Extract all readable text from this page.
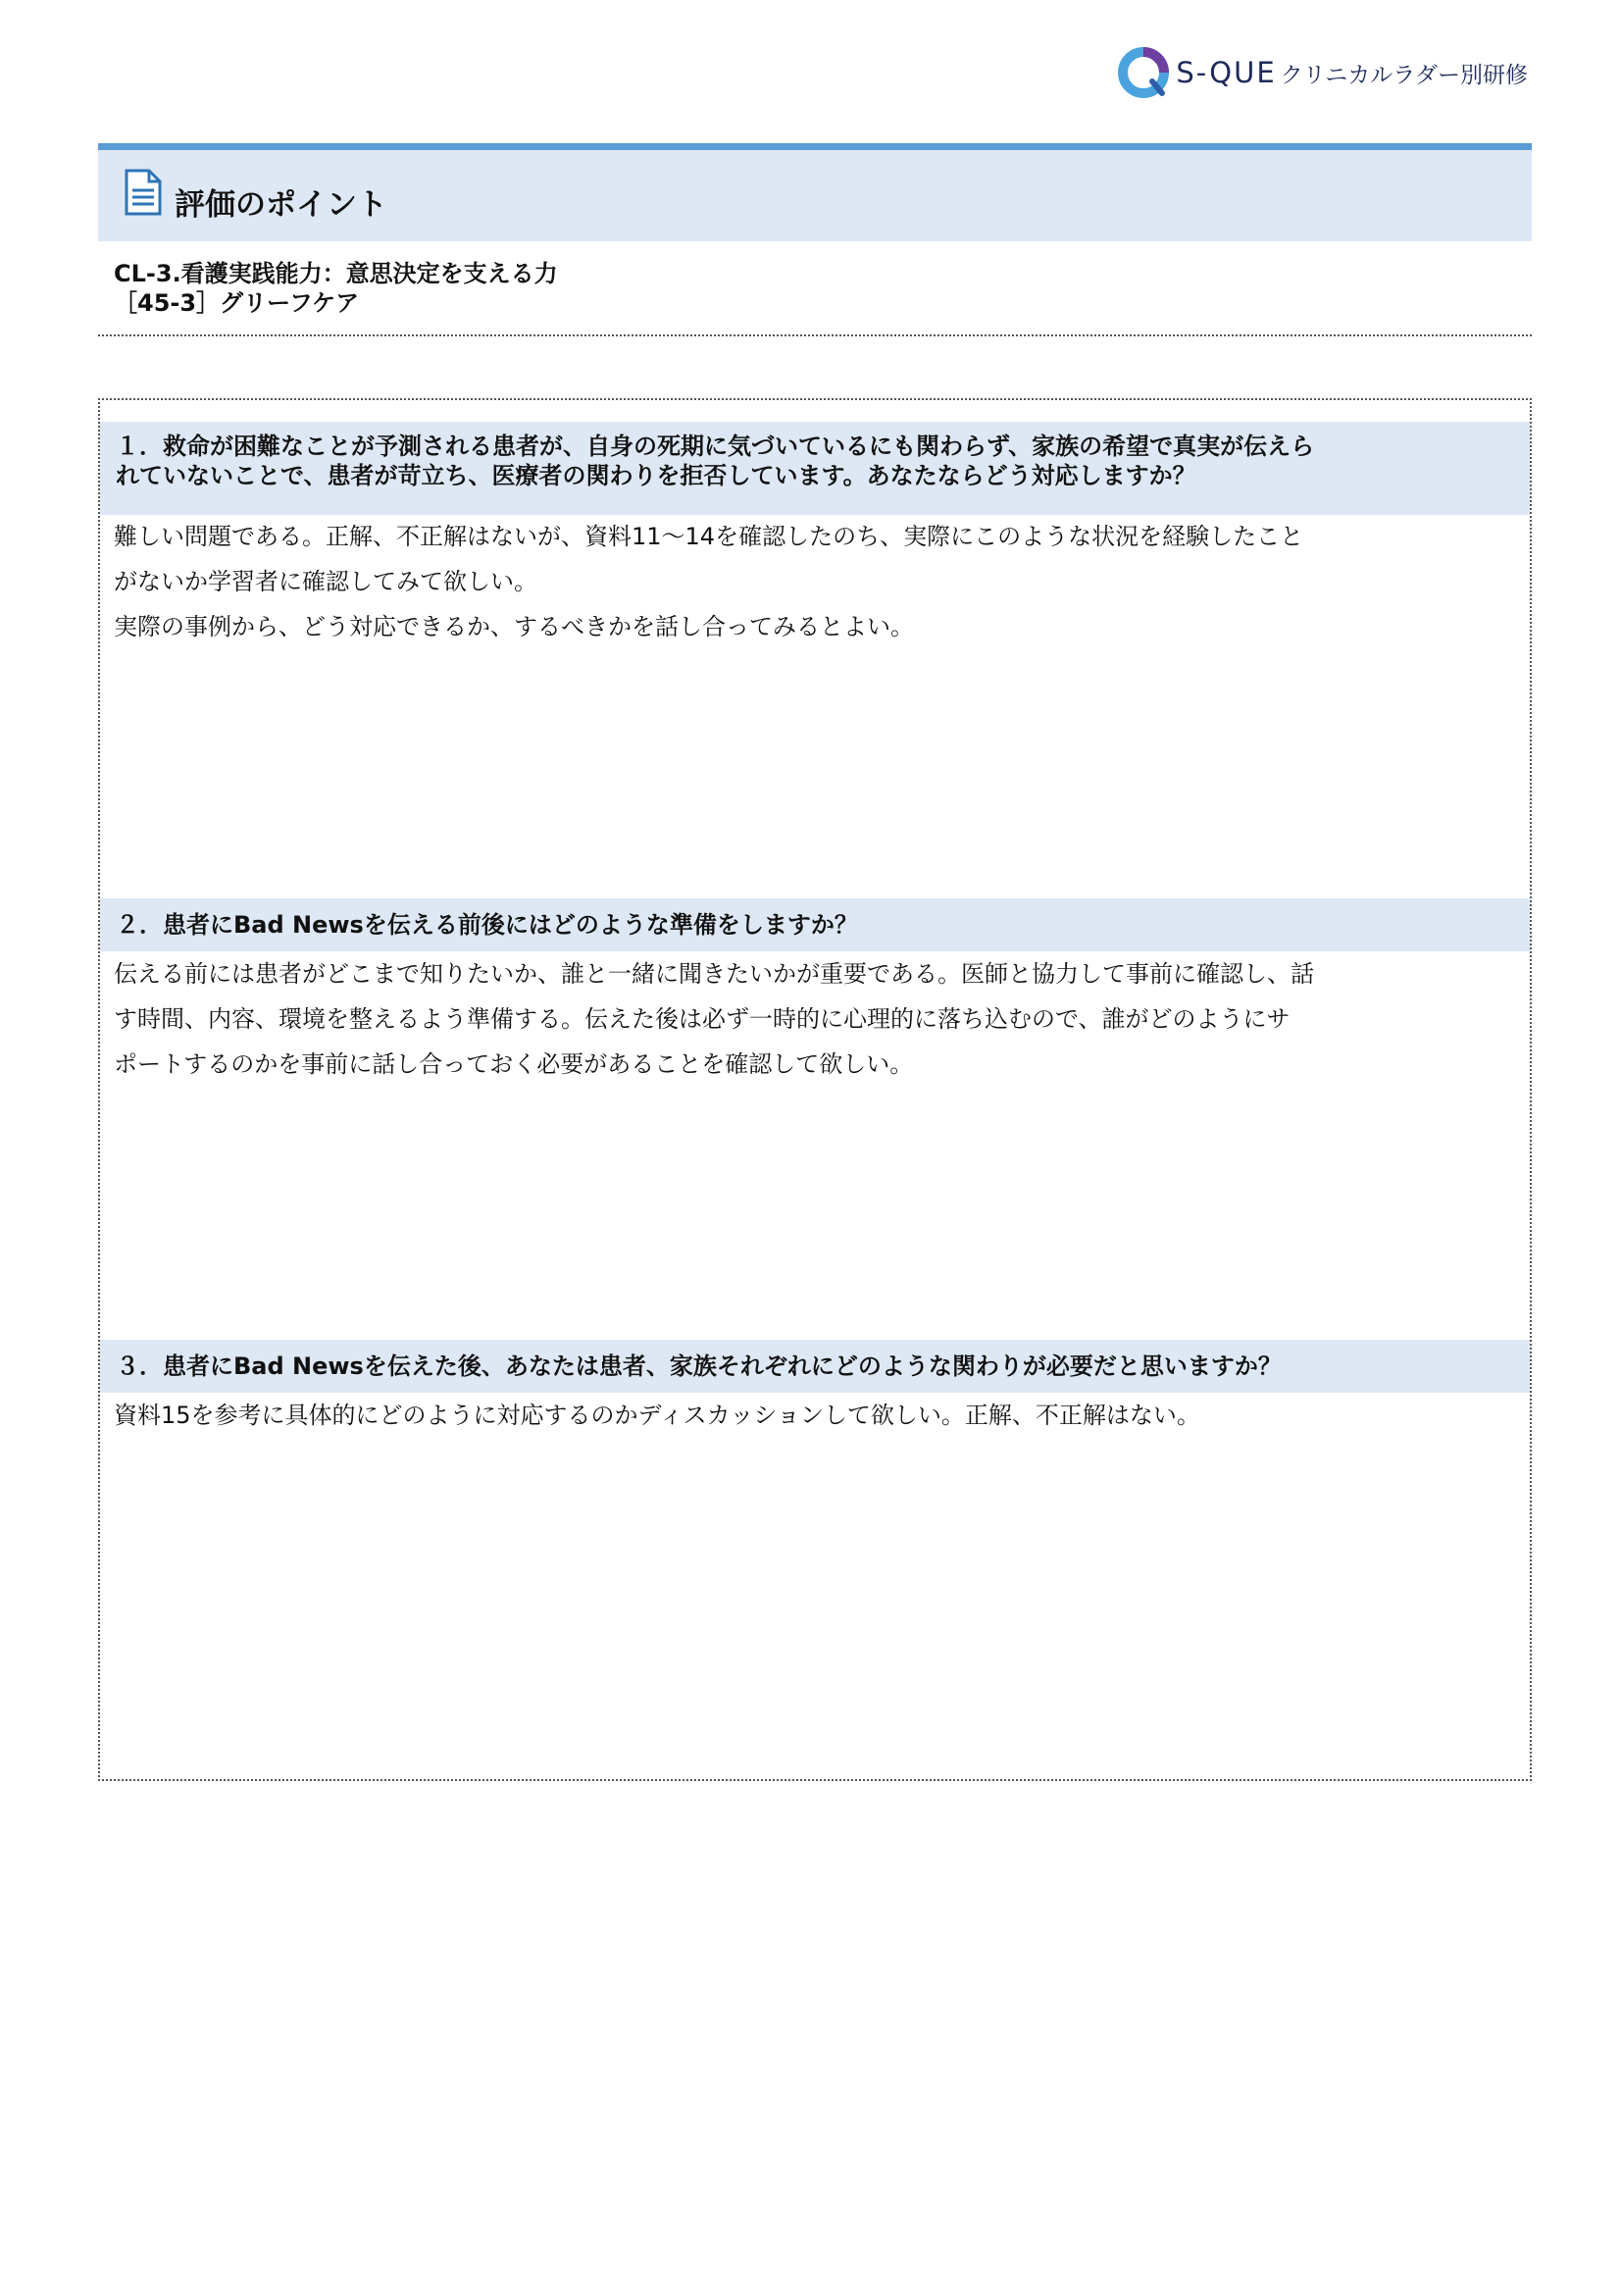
S-QUE クリニカルラダー別研修
評価のポイント
CL-3.看護実践能力：意思決定を支える力
［45-3］グリーフケア
１．救命が困難なことが予測される患者が、自身の死期に気づいているにも関わらず、家族の希望で真実が伝えら
れていないことで、患者が苛立ち、医療者の関わりを拒否しています。あなたならどう対応しますか？

難しい問題である。正解、不正解はないが、資料11～14を確認したのち、実際にこのような状況を経験したこと

がないか学習者に確認してみて欲しい。

実際の事例から、どう対応できるか、するべきかを話し合ってみるとよい。

２．患者にBad Newsを伝える前後にはどのような準備をしますか？

伝える前には患者がどこまで知りたいか、誰と一緒に聞きたいかが重要である。医師と協力して事前に確認し、話

す時間、内容、環境を整えるよう準備する。伝えた後は必ず一時的に心理的に落ち込むので、誰がどのようにサ

ポートするのかを事前に話し合っておく必要があることを確認して欲しい。

３．患者にBad Newsを伝えた後、あなたは患者、家族それぞれにどのような関わりが必要だと思いますか？

資料15を参考に具体的にどのように対応するのかディスカッションして欲しい。正解、不正解はない。
